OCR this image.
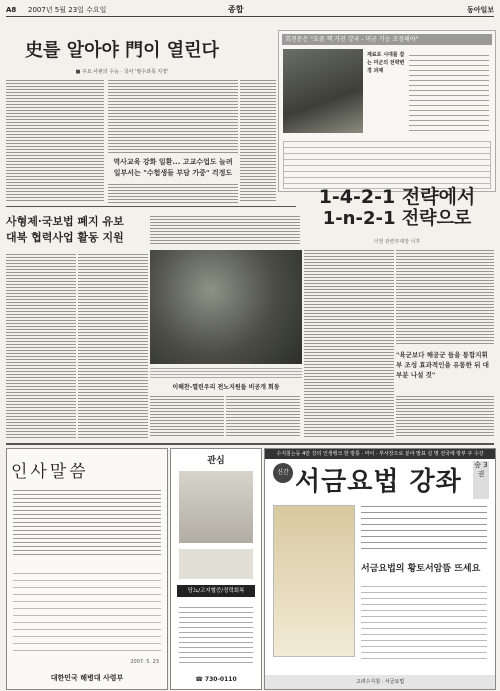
A8 2007년 5월 23일 수요일	종합	동아일보
史를 알아야 門이 열린다
■ 주요 사관의 수능 · 국사 '필수과목 지정'
역사교육 강화 일환... 고교수업도 늘려
일부서는 "수험생들 부담 가중" 걱정도
美전문은 "요즘 책 가진 강국 - 미군 기능 조정해야"
재료로 시대를 잡는 미군의 전략변경 과제
1-4-2-1 전략에서
1-n-2-1 전략으로
이영 관련부대장 이후
"육군보다 해공군 들을 통합지휘부 조성 효과적인을 유통한 뒤 대부분 나설 것"
사형제·국보법 폐지 유보
대북 협력사업 활동 지원
이해찬-열린우리 전노지원들 비공개 회동
인사말씀
2007. 5. 23
대한민국 해병대 사령부
관심
당뇨/고지혈증/정력회복
☎ 730-0110
수지침는등 4만 강의 인생뱅크 한 방통 · 마이 · 부서장으로 분야 발표 실 명 전국에 방부 주 수강
신간 서금요법 강좌
숲 3 권
서금요법의 황토서암뜸 뜨세요
고려수지침 · 서금요법
